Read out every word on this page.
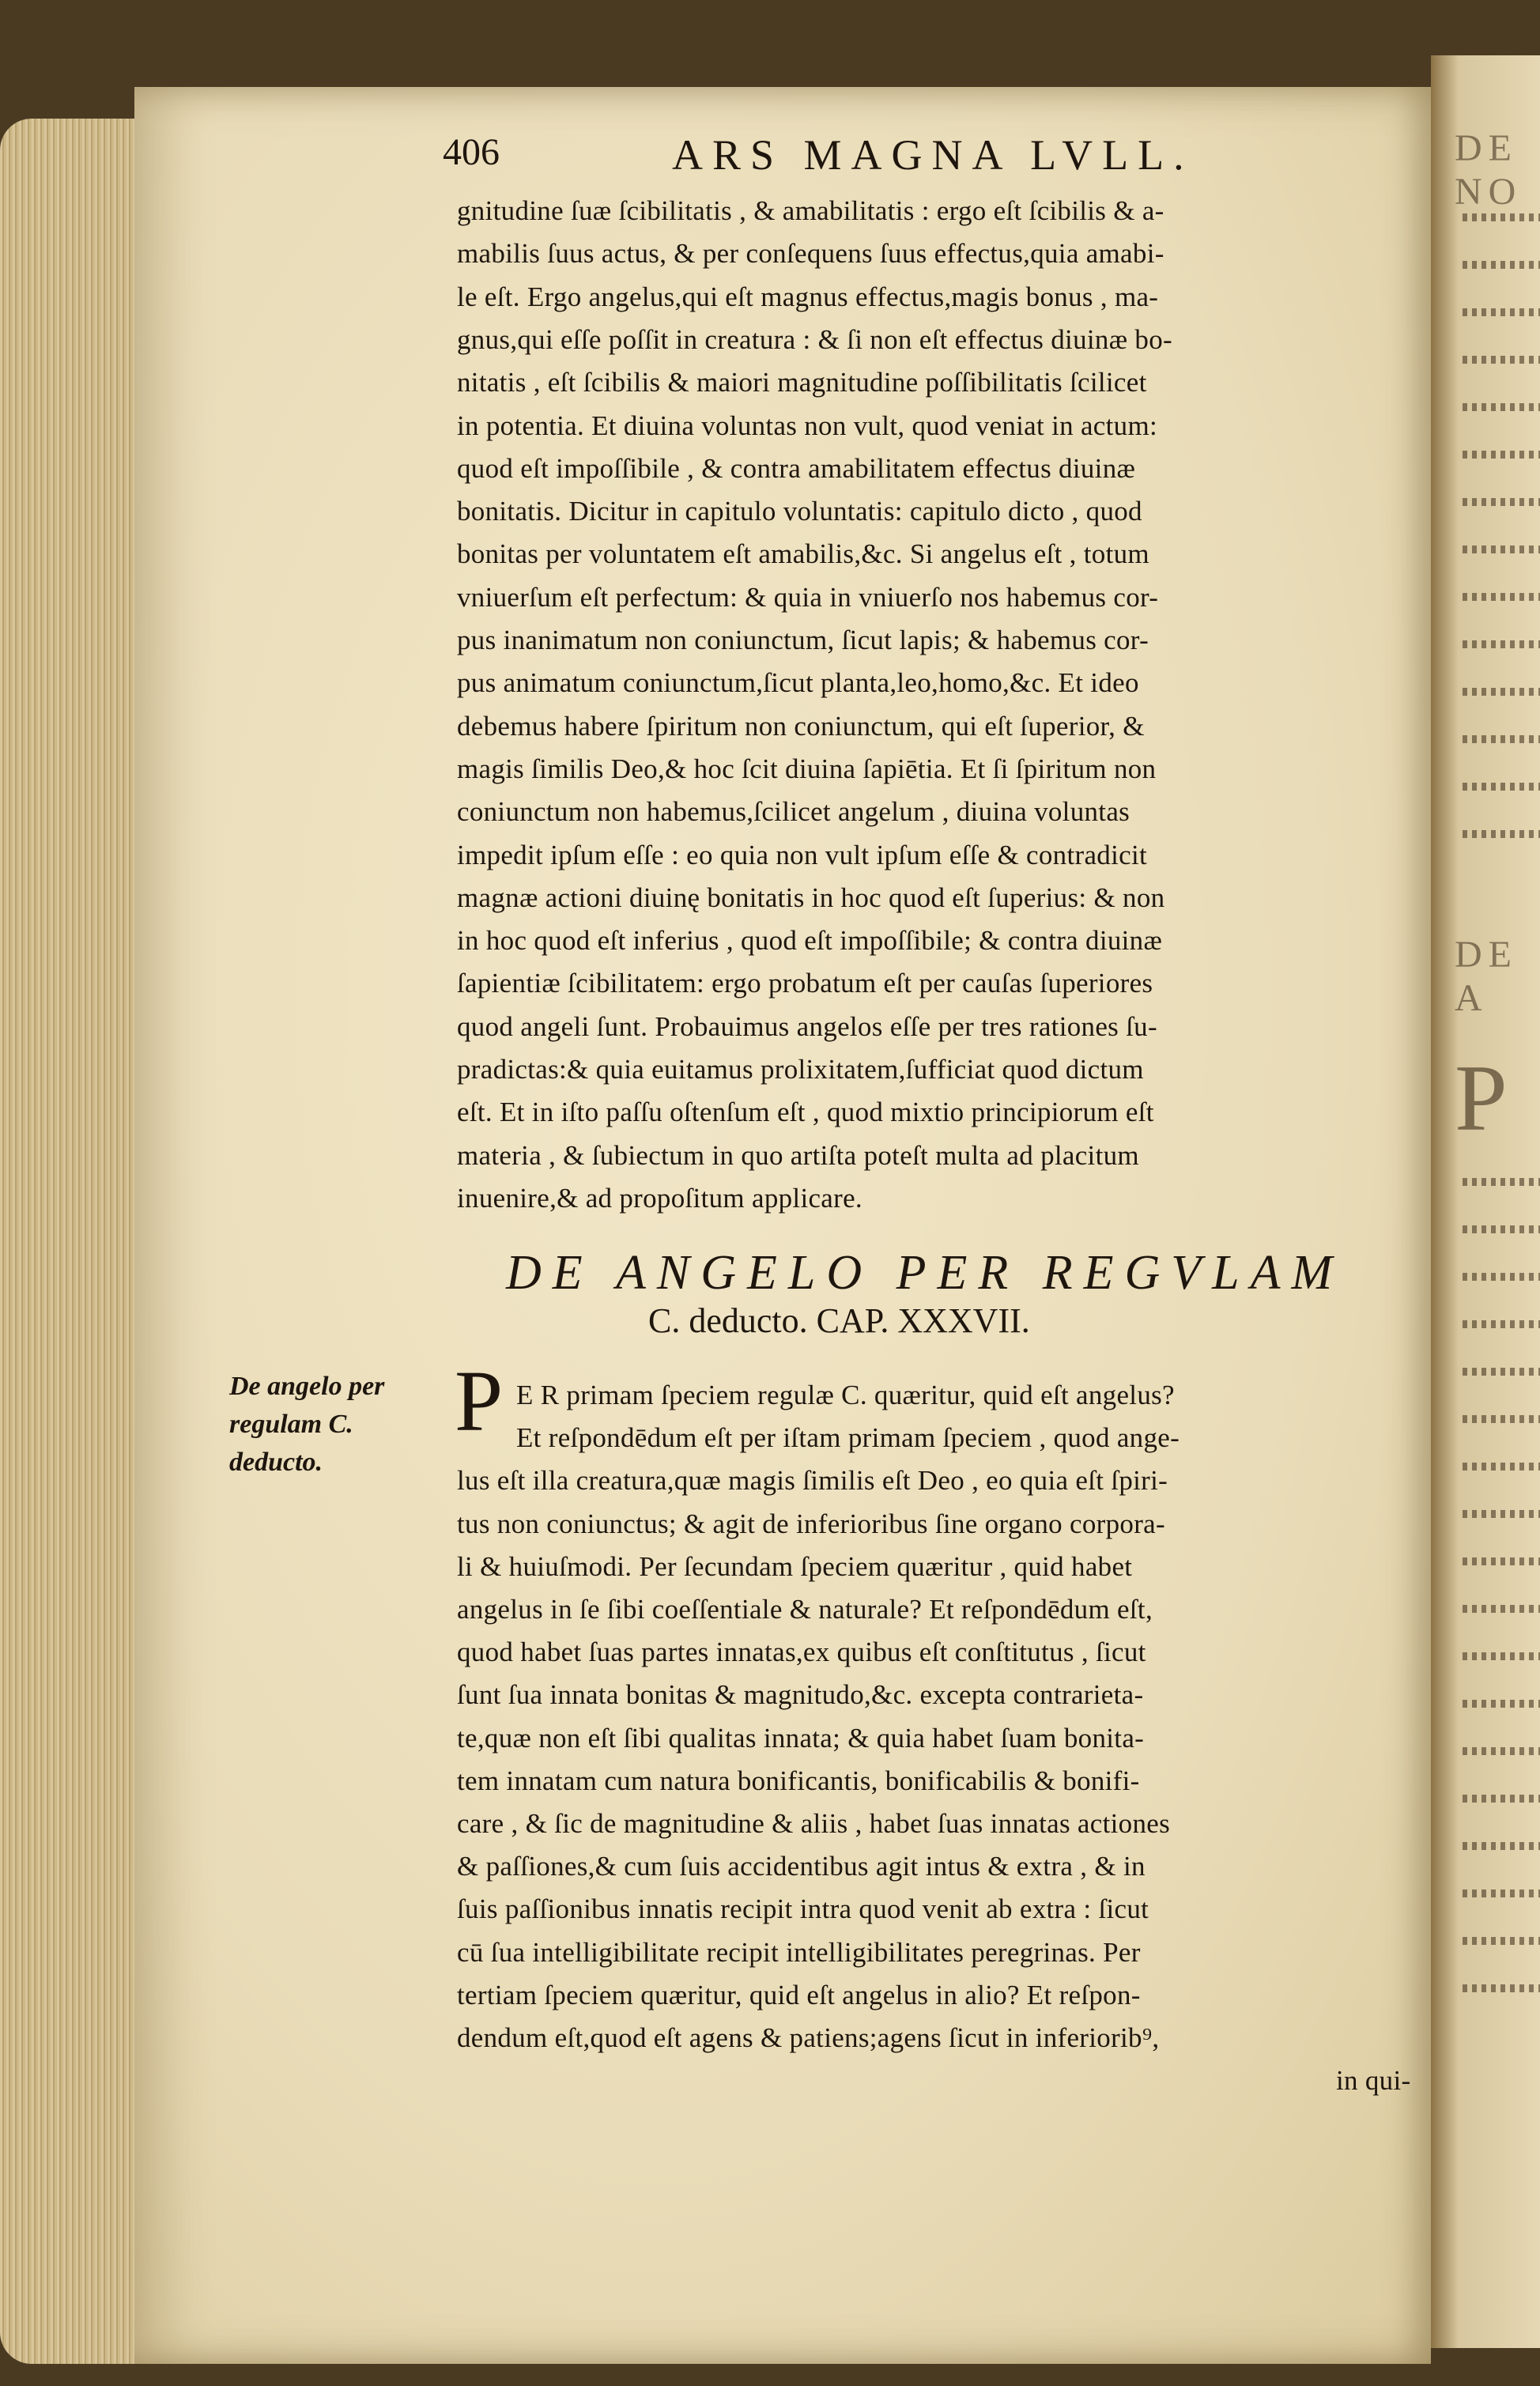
DE NO
DE A
P
406	ARS MAGNA LVLL.
gnitudine ſuæ ſcibilitatis , & amabilitatis : ergo eſt ſcibilis & a-
mabilis ſuus actus, & per conſequens ſuus effectus,quia amabi-
le eſt. Ergo angelus,qui eſt magnus effectus,magis bonus , ma-
gnus,qui eſſe poſſit in creatura : & ſi non eſt effectus diuinæ bo-
nitatis , eſt ſcibilis & maiori magnitudine poſſibilitatis ſcilicet
in potentia. Et diuina voluntas non vult, quod veniat in actum:
quod eſt impoſſibile , & contra amabilitatem effectus diuinæ
bonitatis. Dicitur in capitulo voluntatis: capitulo dicto , quod
bonitas per voluntatem eſt amabilis,&c. Si angelus eſt , totum
vniuerſum eſt perfectum: & quia in vniuerſo nos habemus cor-
pus inanimatum non coniunctum, ſicut lapis; & habemus cor-
pus animatum coniunctum,ſicut planta,leo,homo,&c. Et ideo
debemus habere ſpiritum non coniunctum, qui eſt ſuperior, &
magis ſimilis Deo,& hoc ſcit diuina ſapiētia. Et ſi ſpiritum non
coniunctum non habemus,ſcilicet angelum , diuina voluntas
impedit ipſum eſſe : eo quia non vult ipſum eſſe & contradicit
magnæ actioni diuinę bonitatis in hoc quod eſt ſuperius: & non
in hoc quod eſt inferius , quod eſt impoſſibile; & contra diuinæ
ſapientiæ ſcibilitatem: ergo probatum eſt per cauſas ſuperiores
quod angeli ſunt. Probauimus angelos eſſe per tres rationes ſu-
pradictas:& quia euitamus prolixitatem,ſufficiat quod dictum
eſt. Et in iſto paſſu oſtenſum eſt , quod mixtio principiorum eſt
materia , & ſubiectum in quo artiſta poteſt multa ad placitum
inuenire,& ad propoſitum applicare.
DE ANGELO PER REGVLAM
C. deducto. CAP. XXXVII.
De angelo per
regulam C.
deducto.
P E R primam ſpeciem regulæ C. quæritur, quid eſt angelus?
Et reſpondēdum eſt per iſtam primam ſpeciem , quod ange-
lus eſt illa creatura,quæ magis ſimilis eſt Deo , eo quia eſt ſpiri-
tus non coniunctus; & agit de inferioribus ſine organo corpora-
li & huiuſmodi. Per ſecundam ſpeciem quæritur , quid habet
angelus in ſe ſibi coeſſentiale & naturale? Et reſpondēdum eſt,
quod habet ſuas partes innatas,ex quibus eſt conſtitutus , ſicut
ſunt ſua innata bonitas & magnitudo,&c. excepta contrarieta-
te,quæ non eſt ſibi qualitas innata; & quia habet ſuam bonita-
tem innatam cum natura bonificantis, bonificabilis & bonifi-
care , & ſic de magnitudine & aliis , habet ſuas innatas actiones
& paſſiones,& cum ſuis accidentibus agit intus & extra , & in
ſuis paſſionibus innatis recipit intra quod venit ab extra : ſicut
cū ſua intelligibilitate recipit intelligibilitates peregrinas. Per
tertiam ſpeciem quæritur, quid eſt angelus in alio? Et reſpon-
dendum eſt,quod eſt agens & patiens;agens ſicut in inferiorib⁹,
in qui-
